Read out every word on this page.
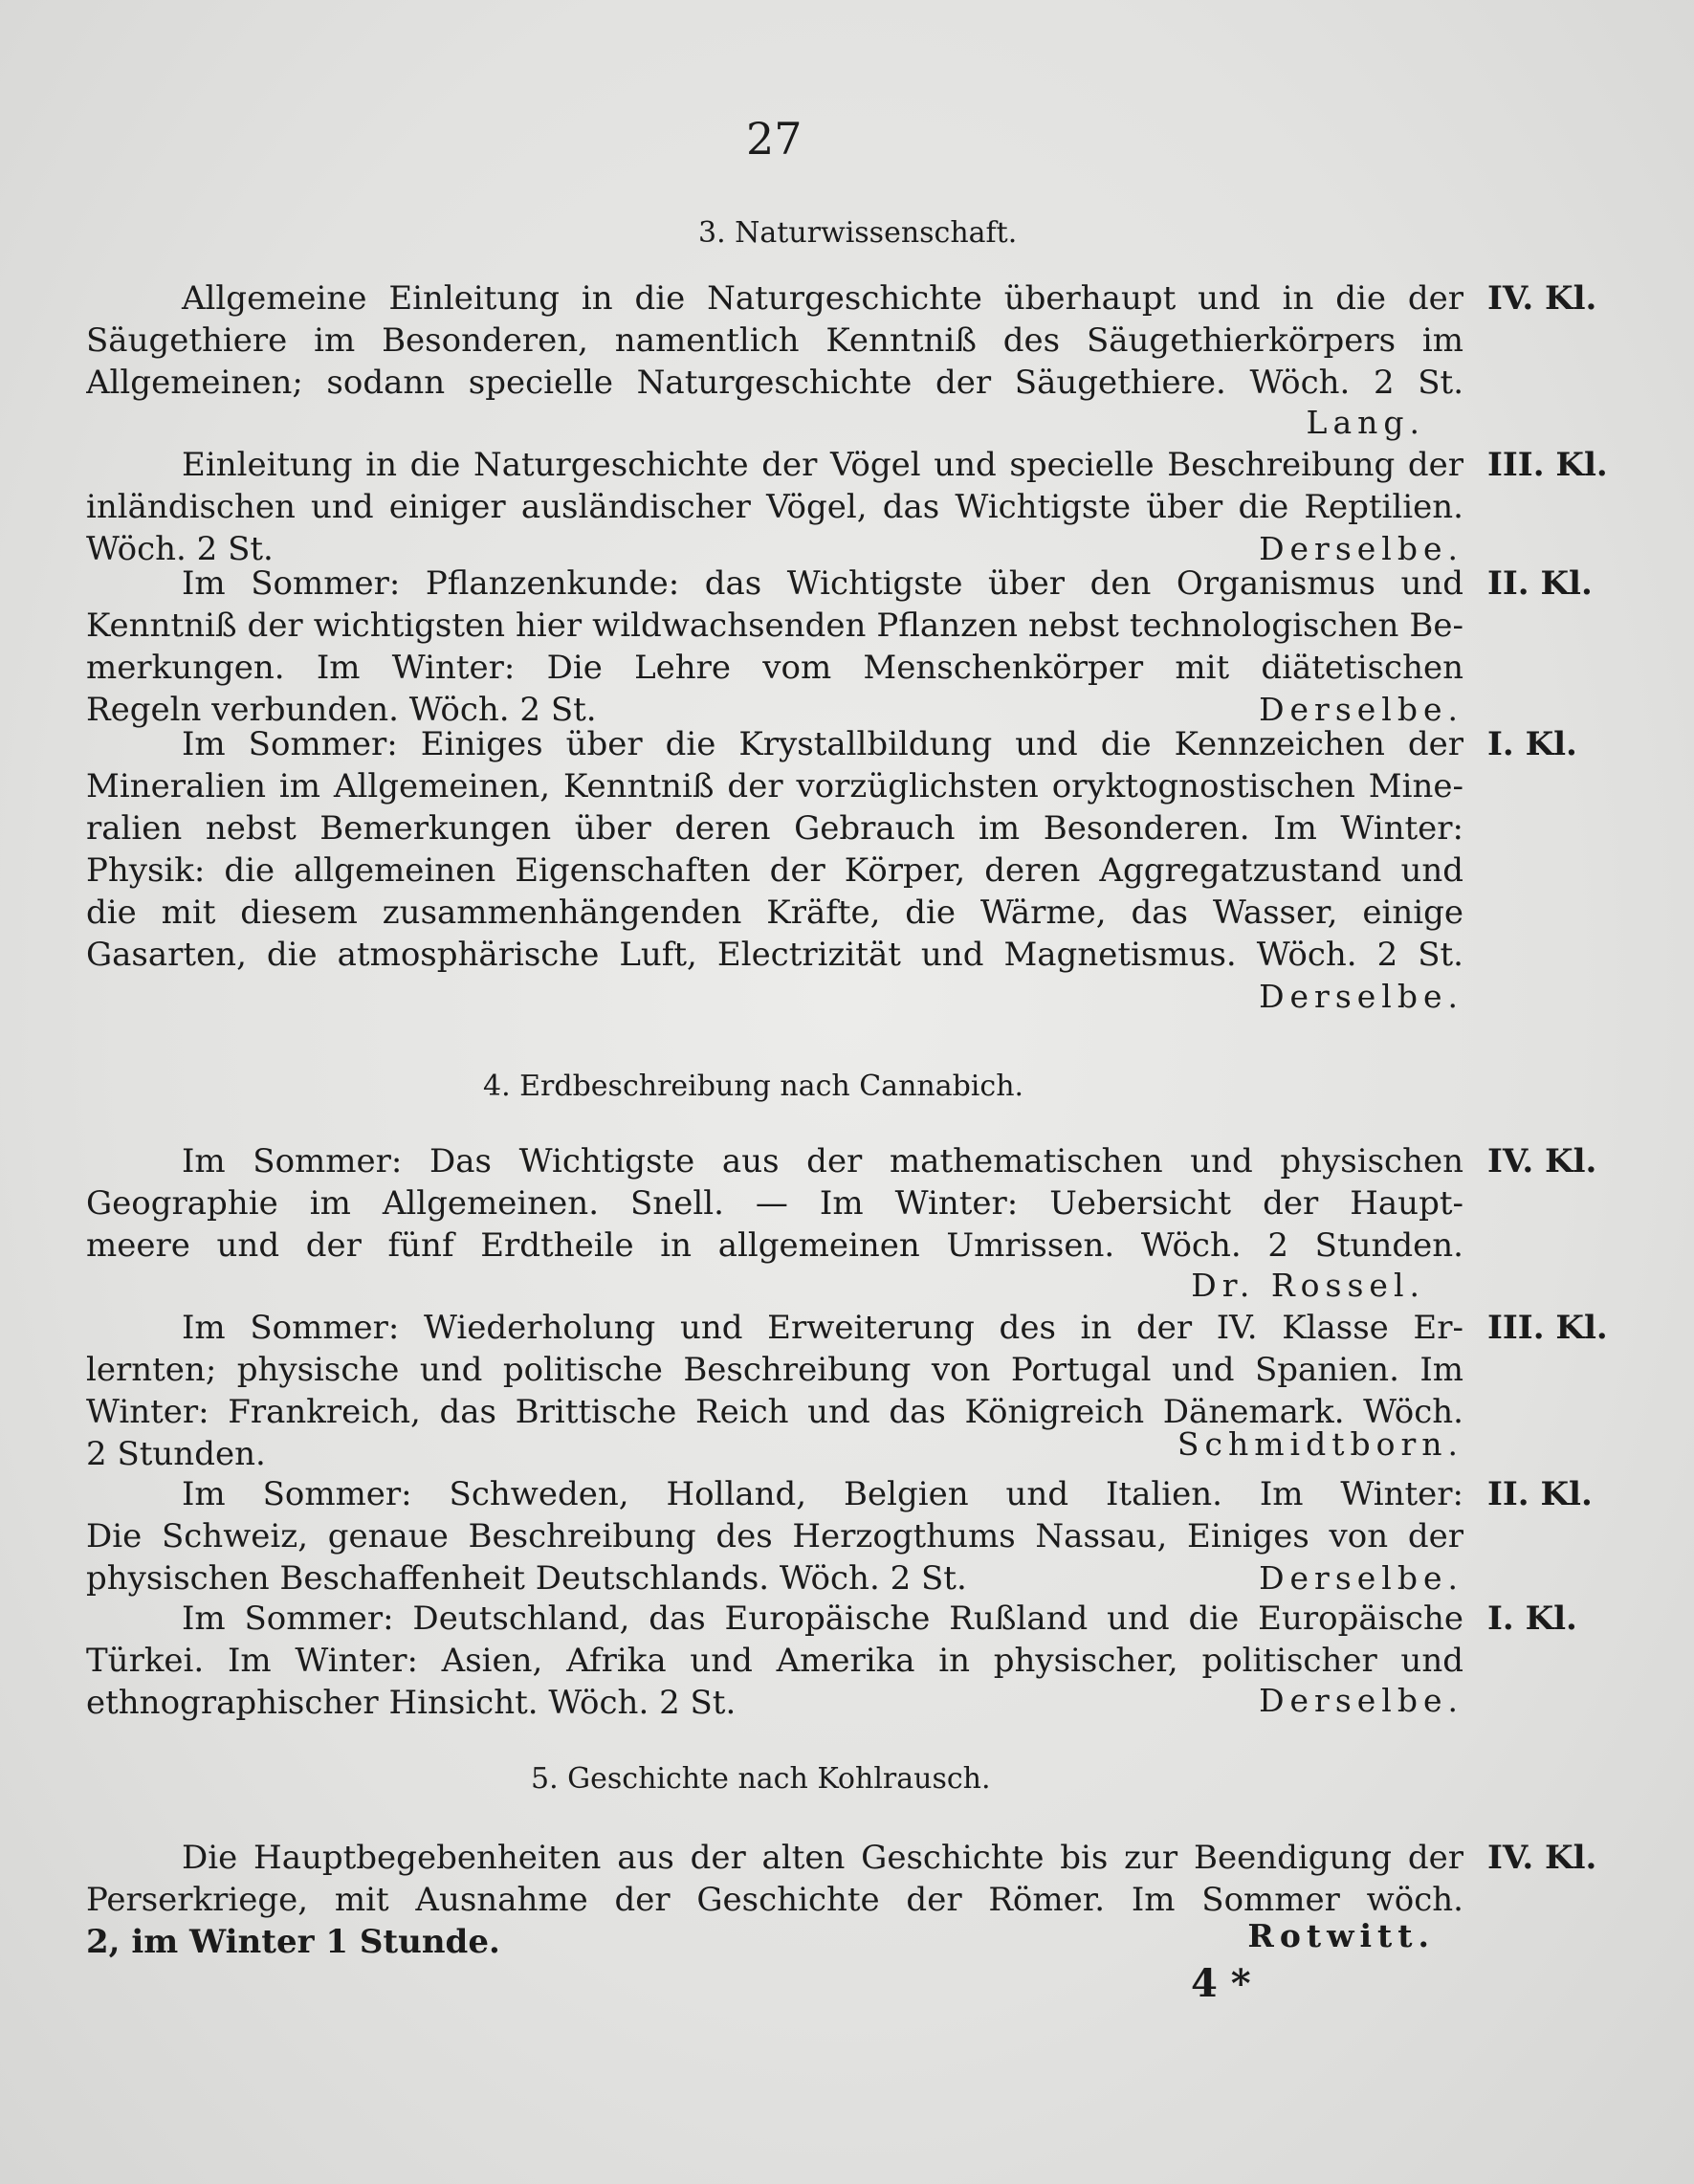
27
3. Naturwissenschaft.
Allgemeine Einleitung in die Naturgeschichte überhaupt und in die der
Säugethiere im Besonderen, namentlich Kenntniß des Säugethierkörpers im
Allgemeinen; sodann specielle Naturgeschichte der Säugethiere. Wöch. 2 St.
Lang.
IV. Kl.
Einleitung in die Naturgeschichte der Vögel und specielle Beschreibung der
inländischen und einiger ausländischer Vögel, das Wichtigste über die Reptilien.
Wöch. 2 St.	Derselbe.
III. Kl.
Im Sommer: Pflanzenkunde: das Wichtigste über den Organismus und
Kenntniß der wichtigsten hier wildwachsenden Pflanzen nebst technologischen Be-
merkungen. Im Winter: Die Lehre vom Menschenkörper mit diätetischen
Regeln verbunden. Wöch. 2 St.	Derselbe.
II. Kl.
Im Sommer: Einiges über die Krystallbildung und die Kennzeichen der
Mineralien im Allgemeinen, Kenntniß der vorzüglichsten oryktognostischen Mine-
ralien nebst Bemerkungen über deren Gebrauch im Besonderen. Im Winter:
Physik: die allgemeinen Eigenschaften der Körper, deren Aggregatzustand und
die mit diesem zusammenhängenden Kräfte, die Wärme, das Wasser, einige
Gasarten, die atmosphärische Luft, Electrizität und Magnetismus. Wöch. 2 St.
Derselbe.
I. Kl.
4. Erdbeschreibung nach Cannabich.
Im Sommer: Das Wichtigste aus der mathematischen und physischen
Geographie im Allgemeinen. Snell. — Im Winter: Uebersicht der Haupt-
meere und der fünf Erdtheile in allgemeinen Umrissen. Wöch. 2 Stunden.
Dr. Rossel.
IV. Kl.
Im Sommer: Wiederholung und Erweiterung des in der IV. Klasse Er-
lernten; physische und politische Beschreibung von Portugal und Spanien. Im
Winter: Frankreich, das Brittische Reich und das Königreich Dänemark. Wöch.
2 Stunden.	Schmidtborn.
III. Kl.
Im Sommer: Schweden, Holland, Belgien und Italien. Im Winter:
Die Schweiz, genaue Beschreibung des Herzogthums Nassau, Einiges von der
physischen Beschaffenheit Deutschlands. Wöch. 2 St.	Derselbe.
II. Kl.
Im Sommer: Deutschland, das Europäische Rußland und die Europäische
Türkei. Im Winter: Asien, Afrika und Amerika in physischer, politischer und
ethnographischer Hinsicht. Wöch. 2 St.	Derselbe.
I. Kl.
5. Geschichte nach Kohlrausch.
Die Hauptbegebenheiten aus der alten Geschichte bis zur Beendigung der
Perserkriege, mit Ausnahme der Geschichte der Römer. Im Sommer wöch.
2, im Winter 1 Stunde.	Rotwitt.
IV. Kl.
4 *
